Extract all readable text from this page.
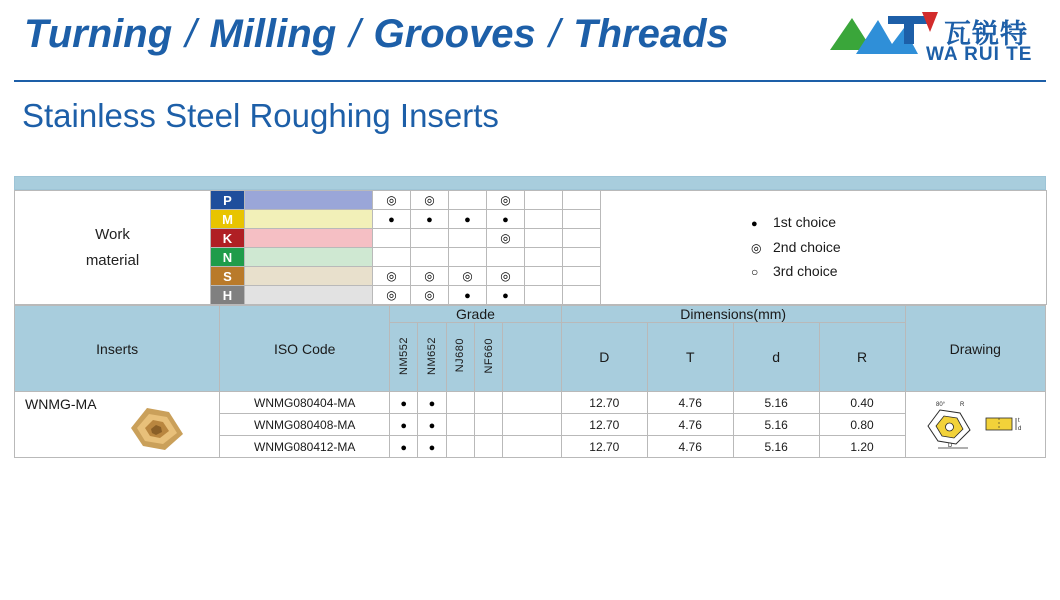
Turning / Milling / Grooves / Threads	瓦锐特
WA RUI TE
Stainless Steel Roughing Inserts
Work
material
	P		◎	◎		◎			
●1st choice
◎2nd choice
○3rd choice

	M		●	●	●	●		
	K					◎		
	N								
	S		◎	◎	◎	◎		
	H		◎	◎	●	●		
Inserts	ISO Code	Grade					Dimensions(mm)				Drawing
		NM552	NM652	NJ680	NF660		D	T	d	R	
WNMG-MA	WNMG080404-MA	●	●				12.70	4.76	5.16	0.40	80° R
D
t
d

	WNMG080408-MA	●	●				12.70	4.76	5.16	0.80	
	WNMG080412-MA	●	●				12.70	4.76	5.16	1.20	
